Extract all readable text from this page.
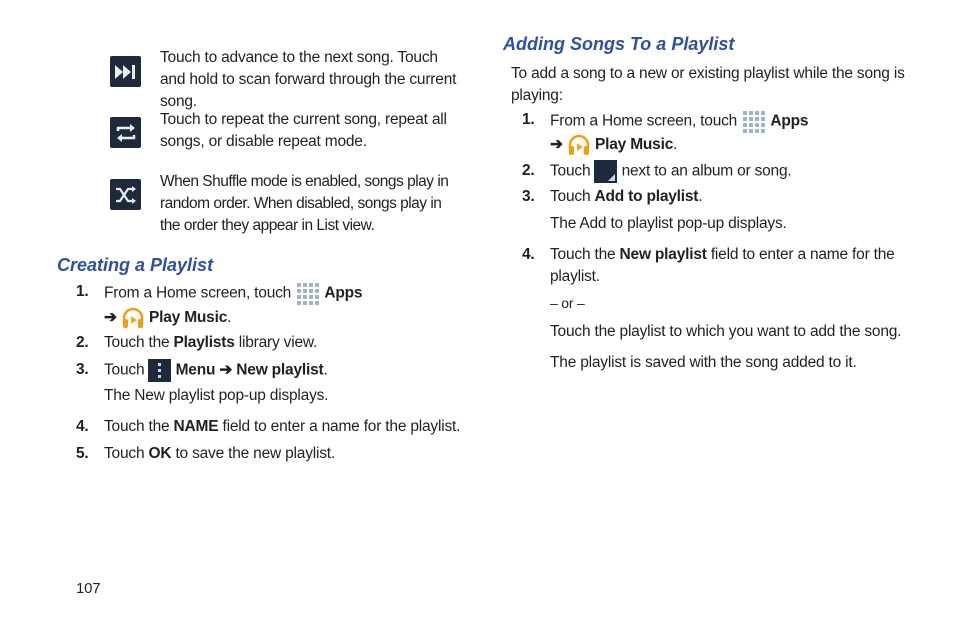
Touch to advance to the next song. Touch and hold to scan forward through the current song.
Touch to repeat the current song, repeat all songs, or disable repeat mode.
When Shuffle mode is enabled, songs play in random order. When disabled, songs play in the order they appear in List view.
Creating a Playlist
1. From a Home screen, touch Apps
➔ Play Music.
2. Touch the Playlists library view.
3. Touch Menu ➔ New playlist.
The New playlist pop-up displays.
4. Touch the NAME field to enter a name for the playlist.
5. Touch OK to save the new playlist.
Adding Songs To a Playlist
To add a song to a new or existing playlist while the song is playing:
1. From a Home screen, touch Apps
➔ Play Music.
2. Touch next to an album or song.
3. Touch Add to playlist.
The Add to playlist pop-up displays.
4. Touch the New playlist field to enter a name for the playlist.
– or –
Touch the playlist to which you want to add the song.
The playlist is saved with the song added to it.
107
